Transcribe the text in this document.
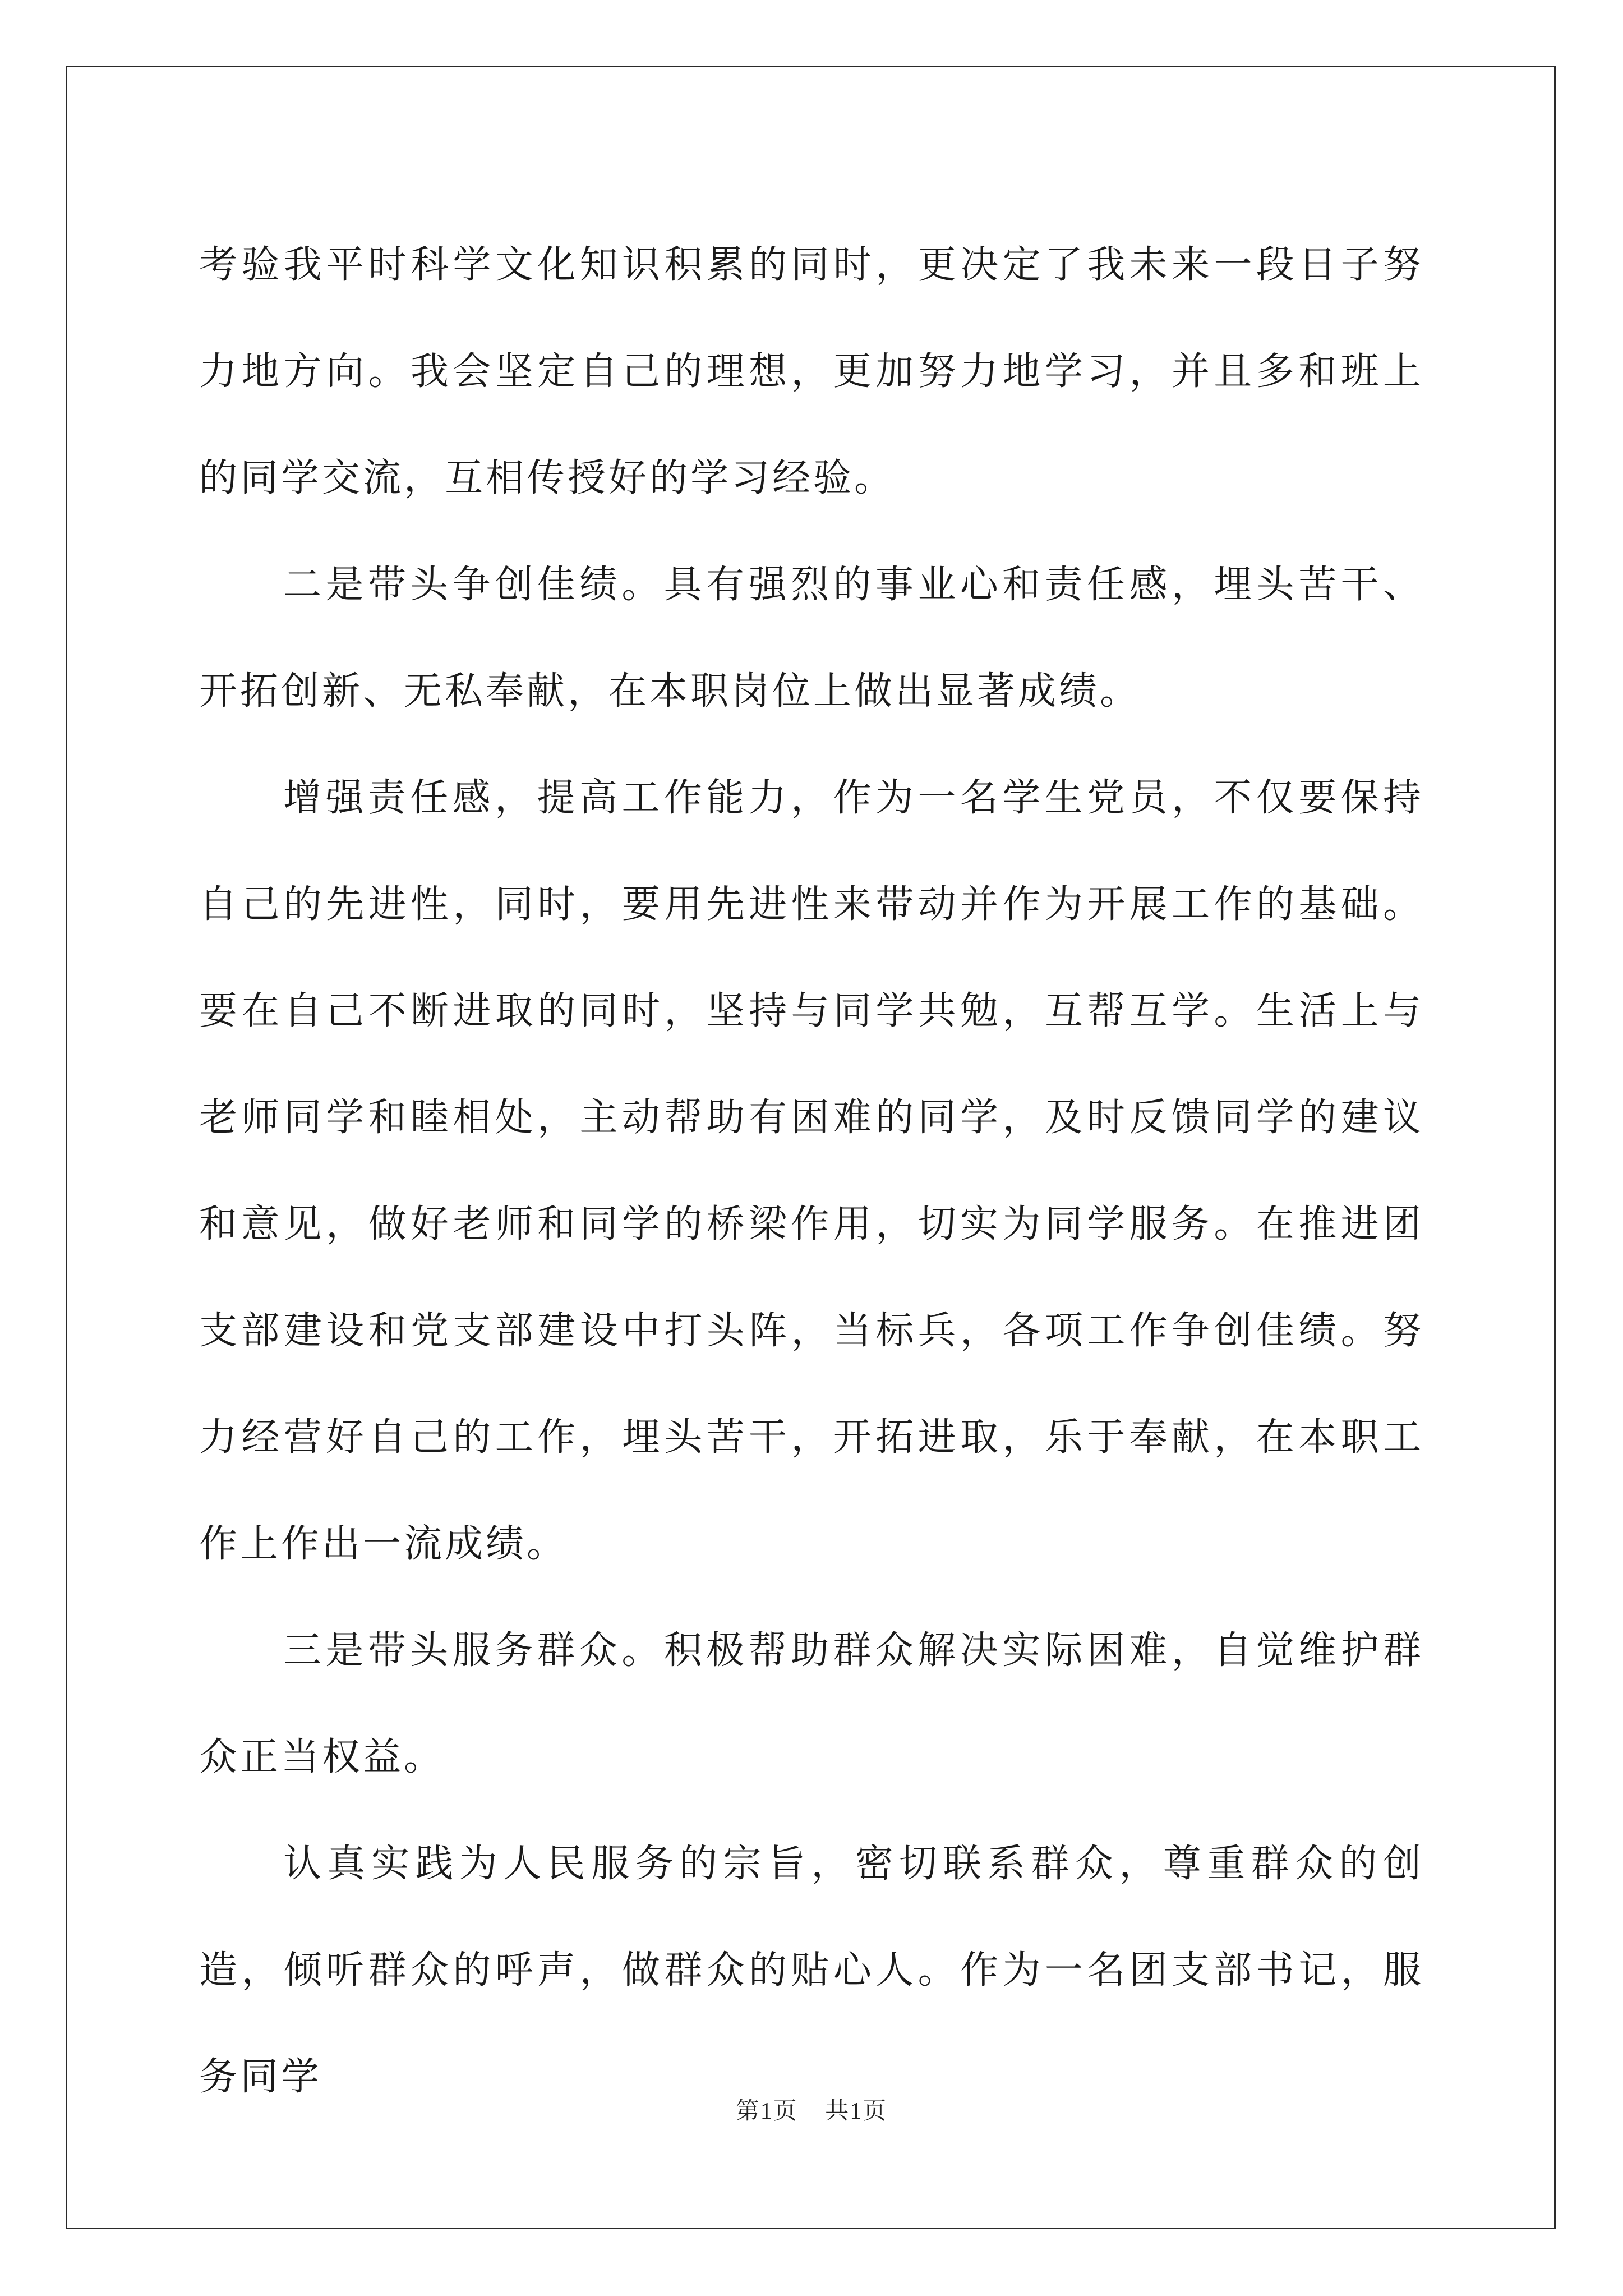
考验我平时科学文化知识积累的同时，更决定了我未来一段日子努力地方向。我会坚定自己的理想，更加努力地学习，并且多和班上的同学交流，互相传授好的学习经验。

二是带头争创佳绩。具有强烈的事业心和责任感，埋头苦干、开拓创新、无私奉献，在本职岗位上做出显著成绩。

增强责任感，提高工作能力，作为一名学生党员，不仅要保持自己的先进性，同时，要用先进性来带动并作为开展工作的基础。要在自己不断进取的同时，坚持与同学共勉，互帮互学。生活上与老师同学和睦相处，主动帮助有困难的同学，及时反馈同学的建议和意见，做好老师和同学的桥梁作用，切实为同学服务。在推进团支部建设和党支部建设中打头阵，当标兵，各项工作争创佳绩。努力经营好自己的工作，埋头苦干，开拓进取，乐于奉献，在本职工作上作出一流成绩。

三是带头服务群众。积极帮助群众解决实际困难，自觉维护群众正当权益。

认真实践为人民服务的宗旨，密切联系群众，尊重群众的创造，倾听群众的呼声，做群众的贴心人。作为一名团支部书记，服务同学

第1页 共1页
